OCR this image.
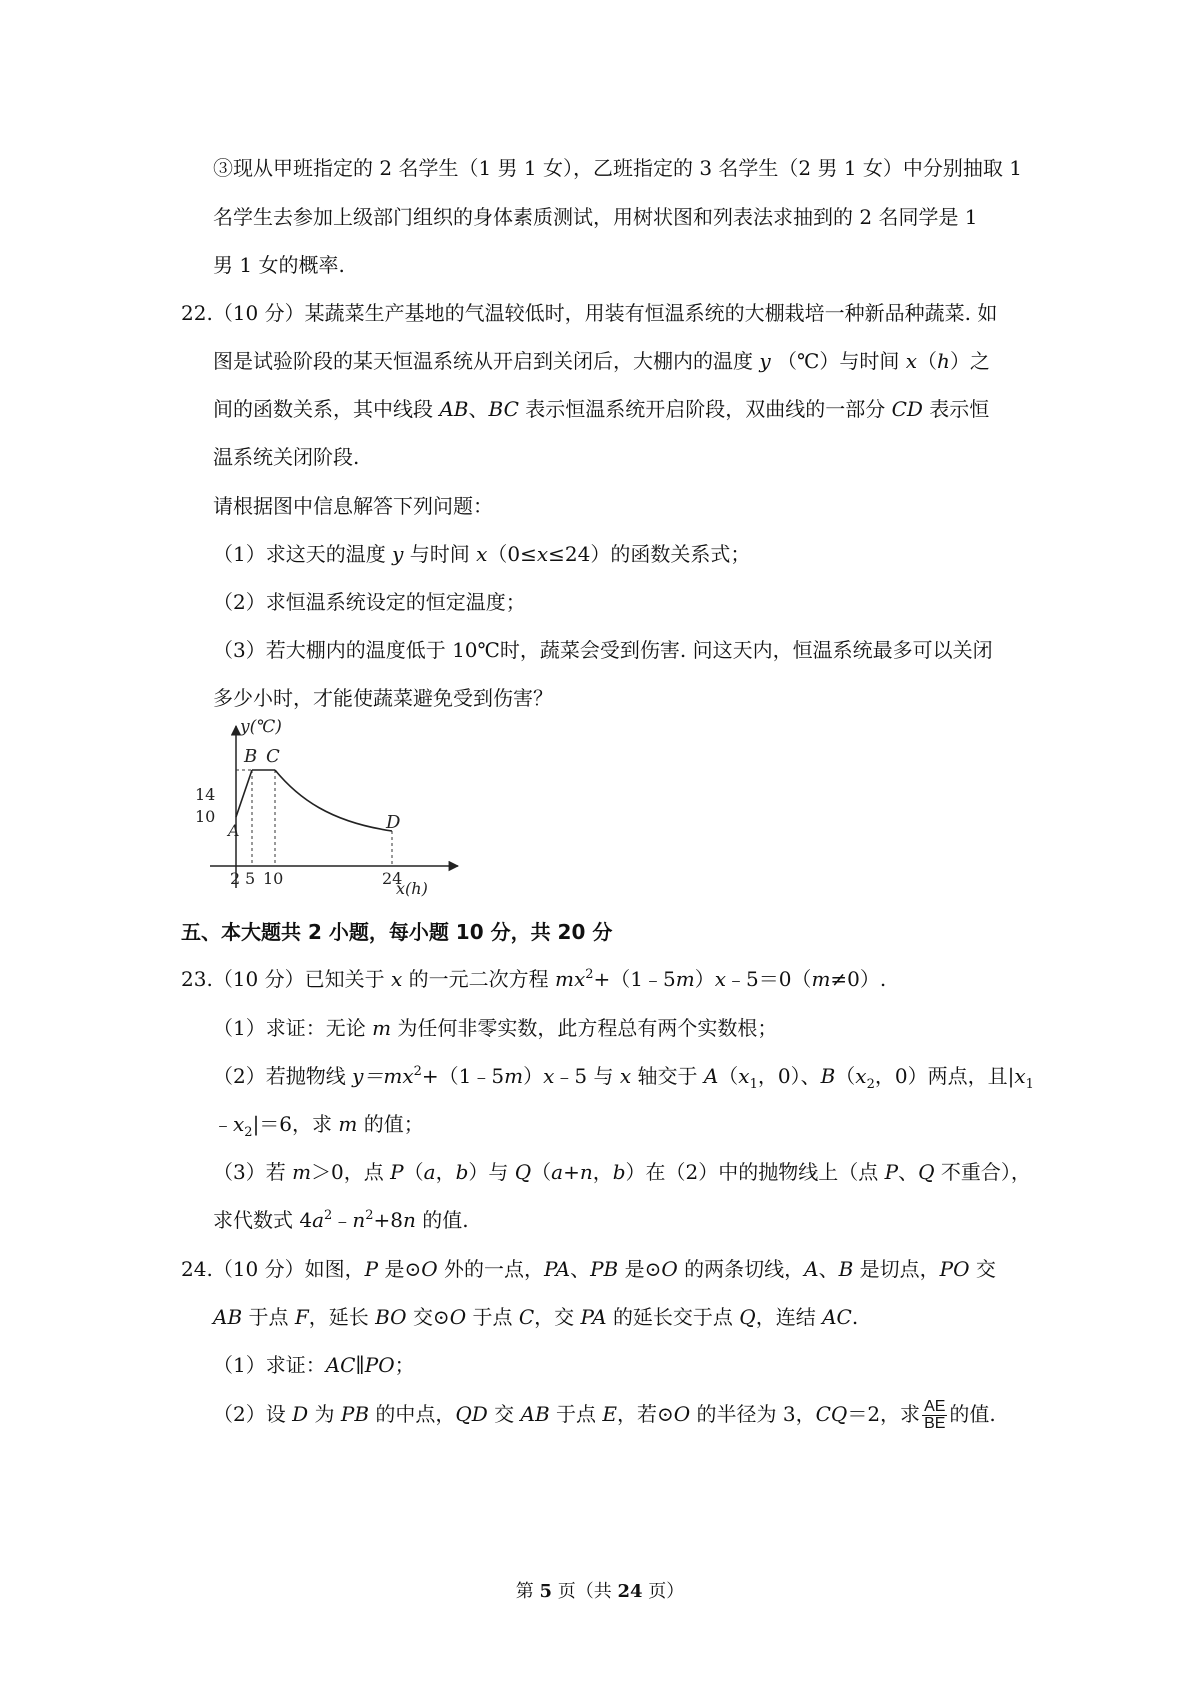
③现从甲班指定的 2 名学生（1 男 1 女），乙班指定的 3 名学生（2 男 1 女）中分别抽取 1
名学生去参加上级部门组织的身体素质测试，用树状图和列表法求抽到的 2 名同学是 1
男 1 女的概率.
22.（10 分）某蔬菜生产基地的气温较低时，用装有恒温系统的大棚栽培一种新品种蔬菜. 如
图是试验阶段的某天恒温系统从开启到关闭后，大棚内的温度 y （℃）与时间 x（h）之
间的函数关系，其中线段 AB、BC 表示恒温系统开启阶段，双曲线的一部分 CD 表示恒
温系统关闭阶段.
请根据图中信息解答下列问题：
（1）求这天的温度 y 与时间 x（0≤x≤24）的函数关系式；
（2）求恒温系统设定的恒定温度；
（3）若大棚内的温度低于 10℃时，蔬菜会受到伤害. 问这天内，恒温系统最多可以关闭
多少小时，才能使蔬菜避免受到伤害？
y(℃)
x(h)
B C
A	D
14
10
2 5 10	24
五、本大题共 2 小题，每小题 10 分，共 20 分
23.（10 分）已知关于 x 的一元二次方程 $mx^2+(1﹣5m)x﹣5=0(m\ne 0)$.
（1）求证：无论 m 为任何非零实数，此方程总有两个实数根；
（2）若抛物线 $y=mx^2+(1﹣5m)x﹣5$ 与 x 轴交于 $A(x_1$，0）、$B(x_2$，0）两点，且$|x_1$
$﹣x_2|=6$，求 m 的值；
（3）若 m＞0，点 P（a，b）与 Q（a+n，b）在（2）中的抛物线上（点 P、Q 不重合），
求代数式 $4a^2﹣n^2+8n$ 的值.
24.（10 分）如图，P 是⊙O 外的一点，PA、PB 是⊙O 的两条切线，A、B 是切点，PO 交
AB 于点 F，延长 BO 交⊙O 于点 C，交 PA 的延长交于点 Q，连结 AC.
（1）求证：AC∥PO；
（2）设 D 为 PB 的中点，QD 交 AB 于点 E，若⊙O 的半径为 3，CQ＝2，求 $\frac{AE}{BE}$ 的值.
第 5 页（共 24 页）
